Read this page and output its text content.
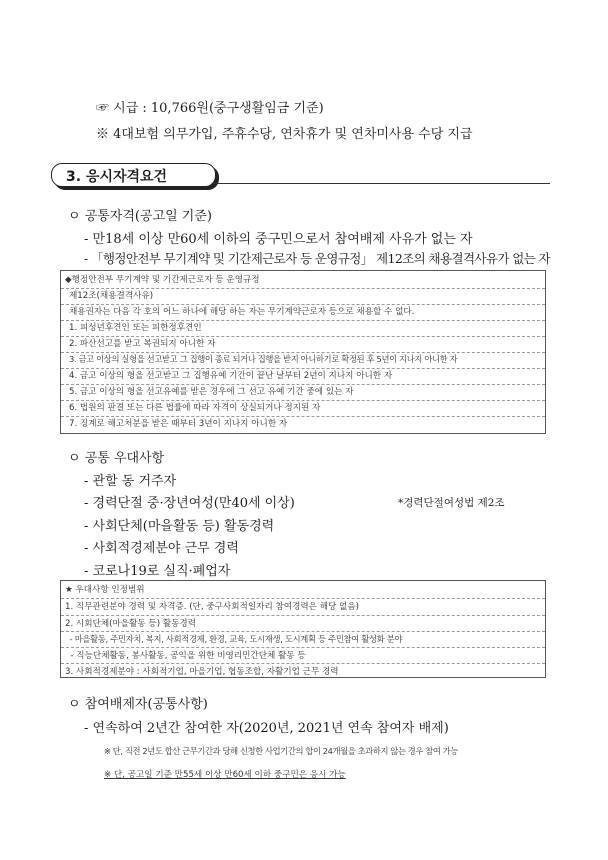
☞ 시급 : 10,766원(중구생활임금 기준)
※ 4대보험 의무가입, 주휴수당, 연차휴가 및 연차미사용 수당 지급
3. 응시자격요건
ㅇ 공통자격(공고일 기준)
- 만18세 이상 만60세 이하의 중구민으로서 참여배제 사유가 없는 자
- 「행정안전부 무기계약 및 기간제근로자 등 운영규정」 제12조의 채용결격사유가 없는 자
◆행정안전부 무기계약 및 기간제근로자 등 운영규정
제12조(채용결격사유)
채용권자는 다음 각 호의 어느 하나에 해당 하는 자는 무기계약근로자 등으로 채용할 수 없다.
1. 피성년후견인 또는 피한정후견인
2. 파산선고를 받고 복권되지 아니한 자
3. 금고 이상의 실형을 선고받고 그 집행이 종료 되거나 집행을 받지 아니하기로 확정된 후 5년이 지나지 아니한 자
4. 금고 이상의 형을 선고받고 그 집행유예 기간이 끝난 날부터 2년이 지나지 아니한 자
5. 금고 이상의 형을 선고유예를 받은 경우에 그 선고 유예 기간 중에 있는 자
6. 법원의 판결 또는 다른 법률에 따라 자격이 상실되거나 정지된 자
7. 징계로 해고처분을 받은 때부터 3년이 지나지 아니한 자
ㅇ 공통 우대사항
- 관할 동 거주자
- 경력단절 중·장년여성(만40세 이상)	*경력단절여성법 제2조
- 사회단체(마을활동 등) 활동경력
- 사회적경제분야 근무 경력
- 코로나19로 실직·폐업자
★ 우대사항 인정범위
1. 직무관련분야 경력 및 자격증. (단, 중구사회적일자리 참여경력은 해당 없음)
2. 시회단체(마을활동 등) 활동경력
- 마을활동, 주민자치, 복지, 사회적경제, 환경, 교육, 도시재생, 도시계획 등 주민참여 활성화 분야
- 직능단체활동, 봉사활동, 공익을 위한 비영리민간단체 활동 등
3. 사회적경제분야 : 사회적기업, 마을기업, 협동조합, 자활기업 근무 경력
ㅇ 참여배제자(공통사항)
- 연속하여 2년간 참여한 자(2020년, 2021년 연속 참여자 배제)
※ 단, 직전 2년도 합산 근무기간과 당해 신청한 사업기간의 합이 24개월을 초과하지 않는 경우 참여 가능
※ 단, 공고일 기준 만55세 이상 만60세 이하 중구민은 응시 가능
